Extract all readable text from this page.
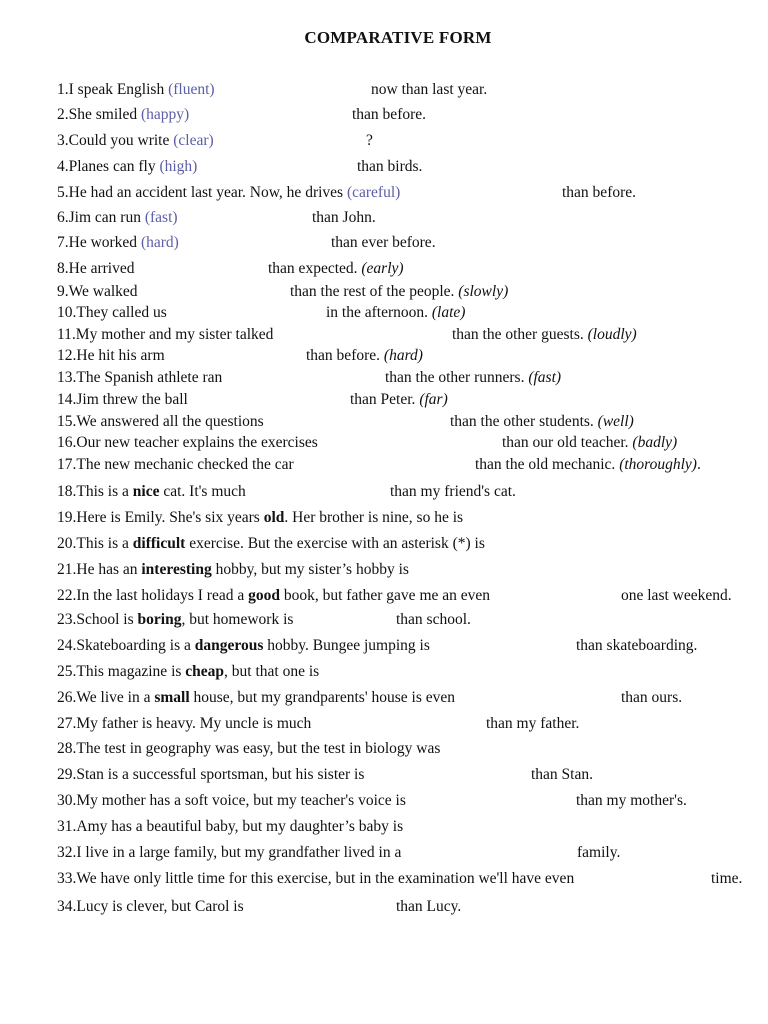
COMPARATIVE FORM
1.I speak English (fluent)	now than last year.
2.She smiled (happy)	than before.
3.Could you write (clear)	?
4.Planes can fly (high)	than birds.
5.He had an accident last year. Now, he drives (careful)	than before.
6.Jim can run (fast)	than John.
7.He worked (hard)	than ever before.
8.He arrived	than expected. (early)
9.We walked	than the rest of the people. (slowly)
10.They called us	in the afternoon. (late)
11.My mother and my sister talked	than the other guests. (loudly)
12.He hit his arm	than before. (hard)
13.The Spanish athlete ran	than the other runners. (fast)
14.Jim threw the ball	than Peter. (far)
15.We answered all the questions	than the other students. (well)
16.Our new teacher explains the exercises	than our old teacher. (badly)
17.The new mechanic checked the car	than the old mechanic. (thoroughly).
18.This is a nice cat. It's much	than my friend's cat.
19.Here is Emily. She's six years old. Her brother is nine, so he is
20.This is a difficult exercise. But the exercise with an asterisk (*) is
21.He has an interesting hobby, but my sister’s hobby is
22.In the last holidays I read a good book, but father gave me an even	one last weekend.
23.School is boring, but homework is	than school.
24.Skateboarding is a dangerous hobby. Bungee jumping is	than skateboarding.
25.This magazine is cheap, but that one is
26.We live in a small house, but my grandparents' house is even	than ours.
27.My father is heavy. My uncle is much	than my father.
28.The test in geography was easy, but the test in biology was
29.Stan is a successful sportsman, but his sister is	than Stan.
30.My mother has a soft voice, but my teacher's voice is	than my mother's.
31.Amy has a beautiful baby, but my daughter’s baby is
32.I live in a large family, but my grandfather lived in a	family.
33.We have only little time for this exercise, but in the examination we'll have even	time.
34.Lucy is clever, but Carol is	than Lucy.
